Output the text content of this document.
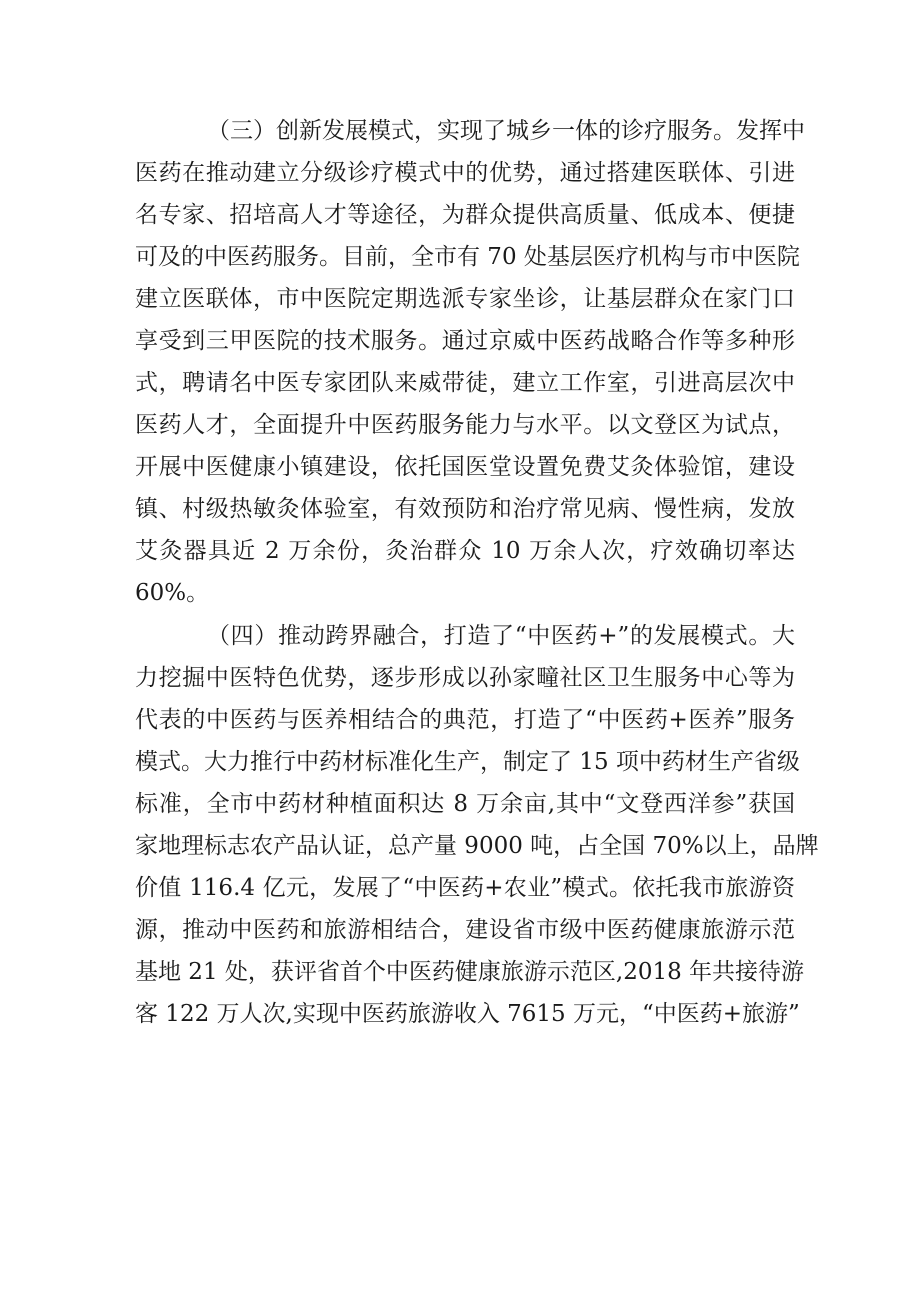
（三）创新发展模式，实现了城乡一体的诊疗服务。发挥中
医药在推动建立分级诊疗模式中的优势，通过搭建医联体、引进
名专家、招培高人才等途径，为群众提供高质量、低成本、便捷
可及的中医药服务。目前，全市有 70 处基层医疗机构与市中医院
建立医联体，市中医院定期选派专家坐诊，让基层群众在家门口
享受到三甲医院的技术服务。通过京威中医药战略合作等多种形
式，聘请名中医专家团队来威带徒，建立工作室，引进高层次中
医药人才，全面提升中医药服务能力与水平。以文登区为试点，
开展中医健康小镇建设，依托国医堂设置免费艾灸体验馆，建设
镇、村级热敏灸体验室，有效预防和治疗常见病、慢性病，发放
艾灸器具近 2 万余份，灸治群众 10 万余人次，疗效确切率达
60%。
（四）推动跨界融合，打造了“中医药+”的发展模式。大
力挖掘中医特色优势，逐步形成以孙家疃社区卫生服务中心等为
代表的中医药与医养相结合的典范，打造了“中医药+医养”服务
模式。大力推行中药材标准化生产，制定了 15 项中药材生产省级
标准，全市中药材种植面积达 8 万余亩,其中“文登西洋参”获国
家地理标志农产品认证，总产量 9000 吨，占全国 70%以上，品牌
价值 116.4 亿元，发展了“中医药+农业”模式。依托我市旅游资
源，推动中医药和旅游相结合，建设省市级中医药健康旅游示范
基地 21 处，获评省首个中医药健康旅游示范区,2018 年共接待游
客 122 万人次,实现中医药旅游收入 7615 万元，“中医药+旅游”
